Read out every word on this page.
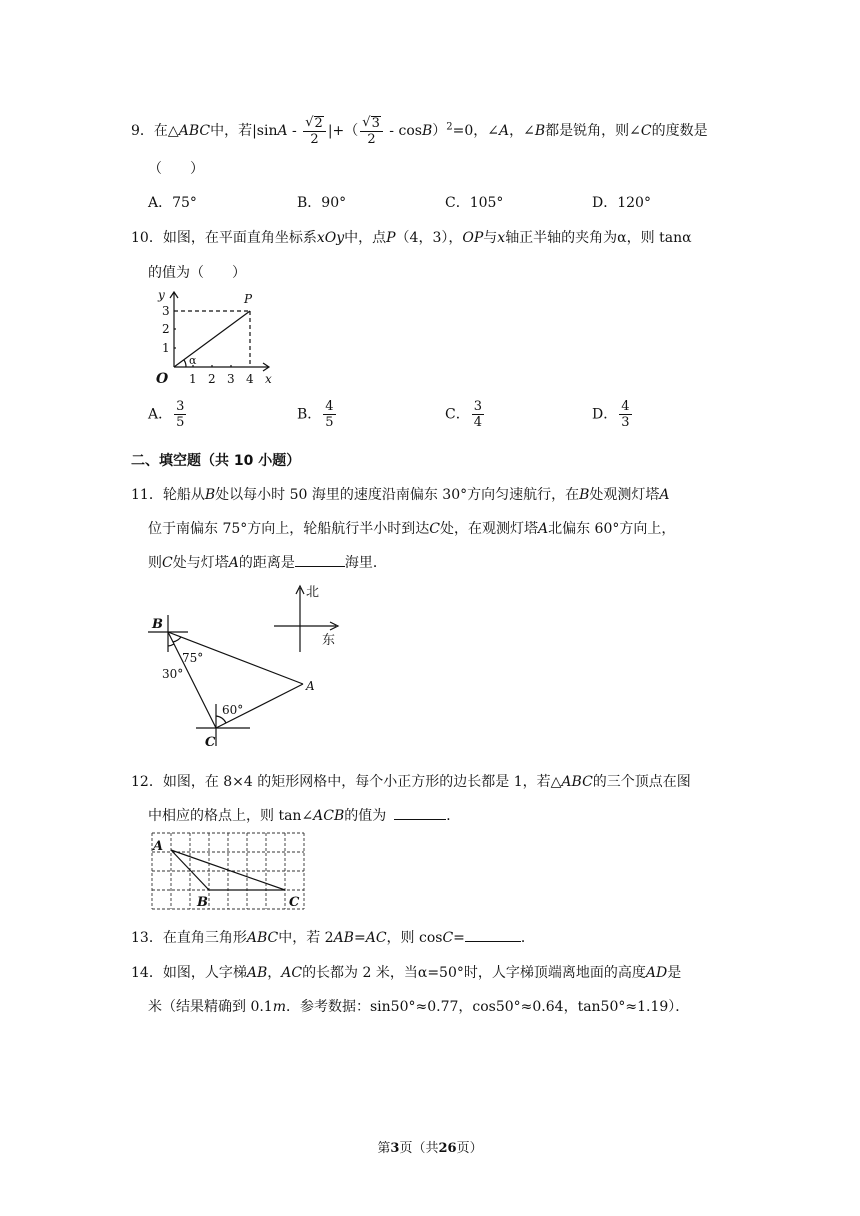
9．在△ABC中，若$|\sin A - \frac{√ 2}{2}$ |+（ $\frac{√ 3}{2} - \cos B)^2=0$，∠A，∠B都是锐角，则∠C的度数是
（　　）
A．75°	B．90°	C．105°	D．120°
10．如图，在平面直角坐标系xOy中，点P（4，3），OP与x轴正半轴的夹角为α，则 tanα
的值为（　　）
y
x
O
P
α
1 2 3 4
1
2
3
A． $\frac{3}{5}$	B． $\frac{4}{5}$	C． $\frac{3}{4}$	D． $\frac{4}{3}$
二、填空题（共 10 小题）
11．轮船从B处以每小时 50 海里的速度沿南偏东 30°方向匀速航行，在B处观测灯塔A
位于南偏东 75°方向上，轮船航行半小时到达C处，在观测灯塔A北偏东 60°方向上，
则C处与灯塔A的距离是	海里．
B
A
C
75°
30°
60°
北
东
12．如图，在 8×4 的矩形网格中，每个小正方形的边长都是 1，若△ABC的三个顶点在图
中相应的格点上，则 tan∠ACB的值为	．
A
B	C
13．在直角三角形ABC中，若 2AB=AC，则 cosC=	．
14．如图，人字梯AB，AC的长都为 2 米，当α=50°时，人字梯顶端离地面的高度AD是
米（结果精确到 0.1m．参考数据：sin50°≈0.77，cos50°≈0.64，tan50°≈1.19）．
第3页（共26页）
